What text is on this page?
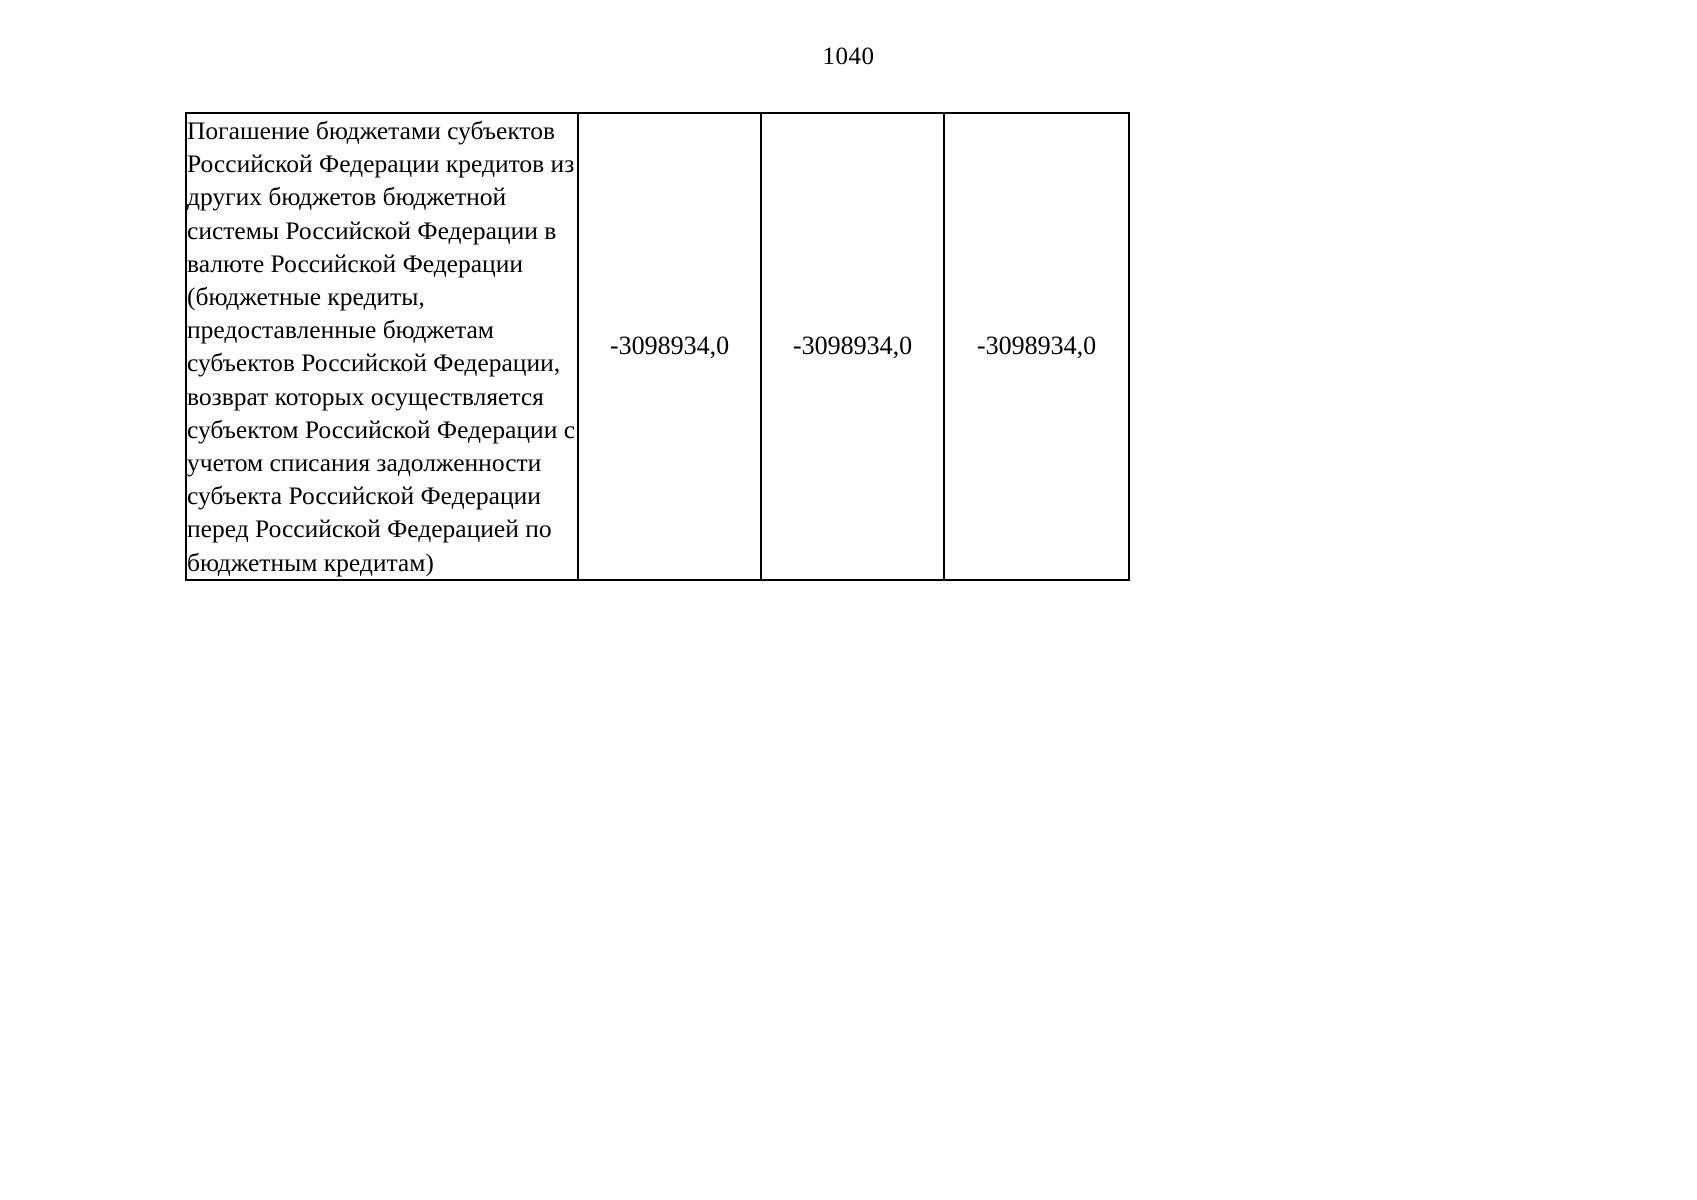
1040
Погашение бюджетами субъектов Российской Федерации кредитов из других бюджетов бюджетной системы Российской Федерации в валюте Российской Федерации (бюджетные кредиты, предоставленные бюджетам субъектов Российской Федерации, возврат которых осуществляется субъектом Российской Федерации с учетом списания задолженности субъекта Российской Федерации перед Российской Федерацией по бюджетным кредитам)
	-3098934,0	-3098934,0	-3098934,0
